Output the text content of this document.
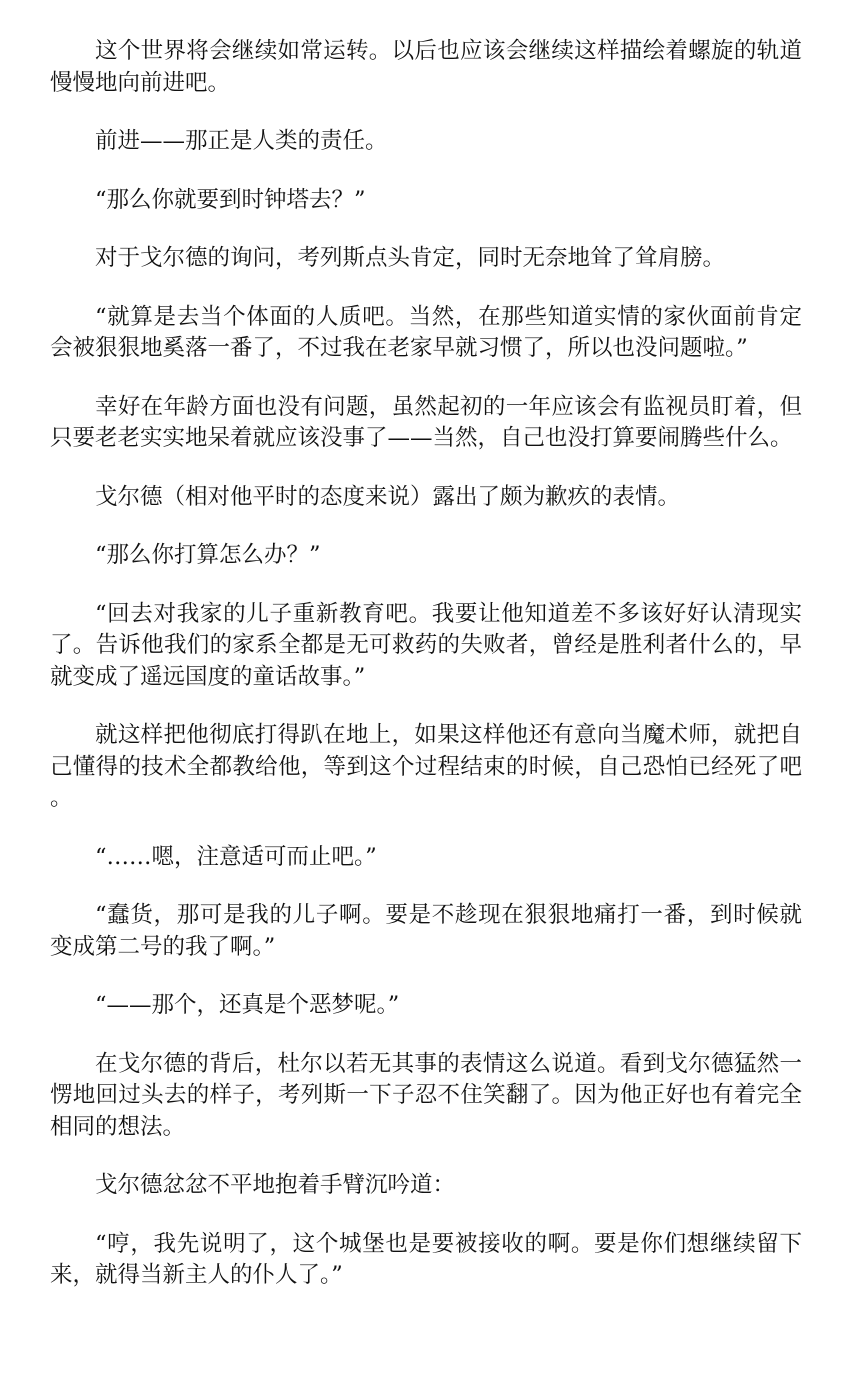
这个世界将会继续如常运转。以后也应该会继续这样描绘着螺旋的轨道慢慢地向前进吧。

前进——那正是人类的责任。

“那么你就要到时钟塔去？”

对于戈尔德的询问，考列斯点头肯定，同时无奈地耸了耸肩膀。

“就算是去当个体面的人质吧。当然，在那些知道实情的家伙面前肯定会被狠狠地奚落一番了，不过我在老家早就习惯了，所以也没问题啦。”

幸好在年龄方面也没有问题，虽然起初的一年应该会有监视员盯着，但只要老老实实地呆着就应该没事了——当然，自己也没打算要闹腾些什么。

戈尔德（相对他平时的态度来说）露出了颇为歉疚的表情。

“那么你打算怎么办？”

“回去对我家的儿子重新教育吧。我要让他知道差不多该好好认清现实了。告诉他我们的家系全都是无可救药的失败者，曾经是胜利者什么的，早就变成了遥远国度的童话故事。”

就这样把他彻底打得趴在地上，如果这样他还有意向当魔术师，就把自己懂得的技术全都教给他，等到这个过程结束的时候，自己恐怕已经死了吧。

“……嗯，注意适可而止吧。”

“蠢货，那可是我的儿子啊。要是不趁现在狠狠地痛打一番，到时候就变成第二号的我了啊。”

“——那个，还真是个恶梦呢。”

在戈尔德的背后，杜尔以若无其事的表情这么说道。看到戈尔德猛然一愣地回过头去的样子，考列斯一下子忍不住笑翻了。因为他正好也有着完全相同的想法。

戈尔德忿忿不平地抱着手臂沉吟道：

“哼，我先说明了，这个城堡也是要被接收的啊。要是你们想继续留下来，就得当新主人的仆人了。”
